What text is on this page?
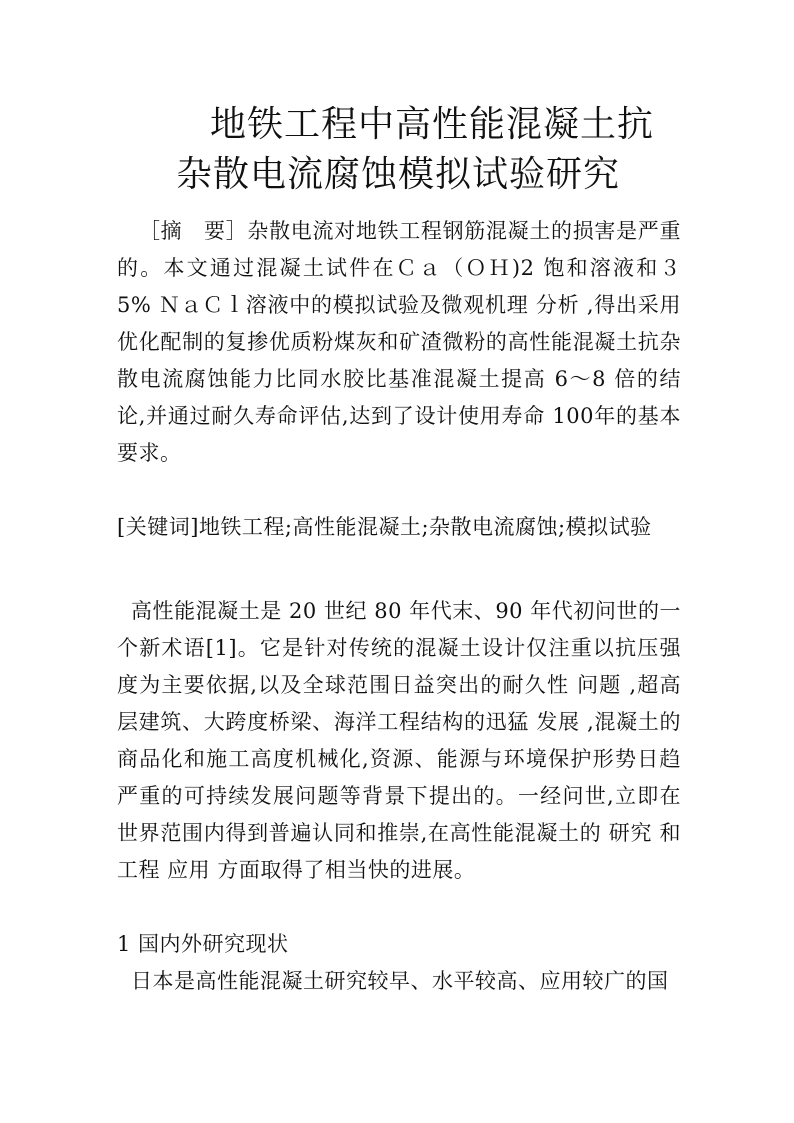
地铁工程中高性能混凝土抗
杂散电流腐蚀模拟试验研究
［摘　要］杂散电流对地铁工程钢筋混凝土的损害是严重的。本文通过混凝土试件在Ｃａ（ＯＨ)2 饱和溶液和３ 5% ＮａＣｌ溶液中的模拟试验及微观机理 分析 ,得出采用优化配制的复掺优质粉煤灰和矿渣微粉的高性能混凝土抗杂散电流腐蚀能力比同水胶比基准混凝土提高 6～8 倍的结论,并通过耐久寿命评估,达到了设计使用寿命 100年的基本要求。
[关键词]地铁工程;高性能混凝土;杂散电流腐蚀;模拟试验
高性能混凝土是 20 世纪 80 年代末、90 年代初问世的一个新术语[1]。它是针对传统的混凝土设计仅注重以抗压强度为主要依据,以及全球范围日益突出的耐久性 问题 ,超高层建筑、大跨度桥梁、海洋工程结构的迅猛 发展 ,混凝土的商品化和施工高度机械化,资源、能源与环境保护形势日趋严重的可持续发展问题等背景下提出的。一经问世,立即在世界范围内得到普遍认同和推崇,在高性能混凝土的 研究 和工程 应用 方面取得了相当快的进展。
1 国内外研究现状
日本是高性能混凝土研究较早、水平较高、应用较广的国
